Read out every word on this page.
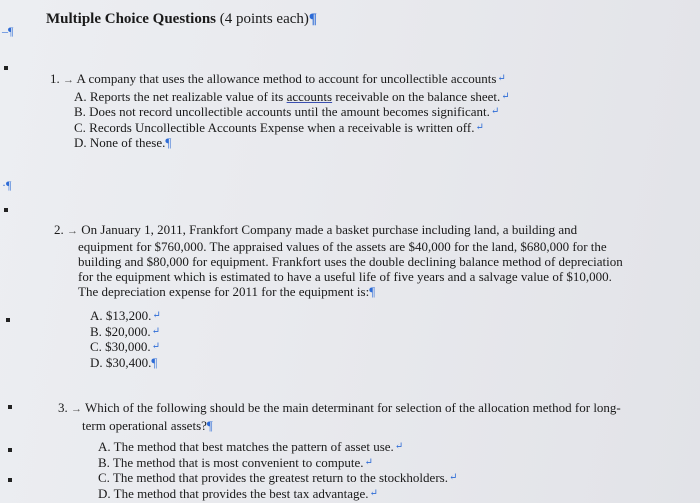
–¶
·¶
Multiple Choice Questions (4 points each)¶
1. → A company that uses the allowance method to account for uncollectible accounts↵
A. Reports the net realizable value of its accounts receivable on the balance sheet.↵
B. Does not record uncollectible accounts until the amount becomes significant.↵
C. Records Uncollectible Accounts Expense when a receivable is written off.↵
D. None of these.¶
2. → On January 1, 2011, Frankfort Company made a basket purchase including land, a building and
equipment for $760,000. The appraised values of the assets are $40,000 for the land, $680,000 for the
building and $80,000 for equipment. Frankfort uses the double declining balance method of depreciation
for the equipment which is estimated to have a useful life of five years and a salvage value of $10,000.
The depreciation expense for 2011 for the equipment is:¶
A. $13,200.↵
B. $20,000.↵
C. $30,000.↵
D. $30,400.¶
3. → Which of the following should be the main determinant for selection of the allocation method for long-
term operational assets?¶
A. The method that best matches the pattern of asset use.↵
B. The method that is most convenient to compute.↵
C. The method that provides the greatest return to the stockholders.↵
D. The method that provides the best tax advantage.↵
